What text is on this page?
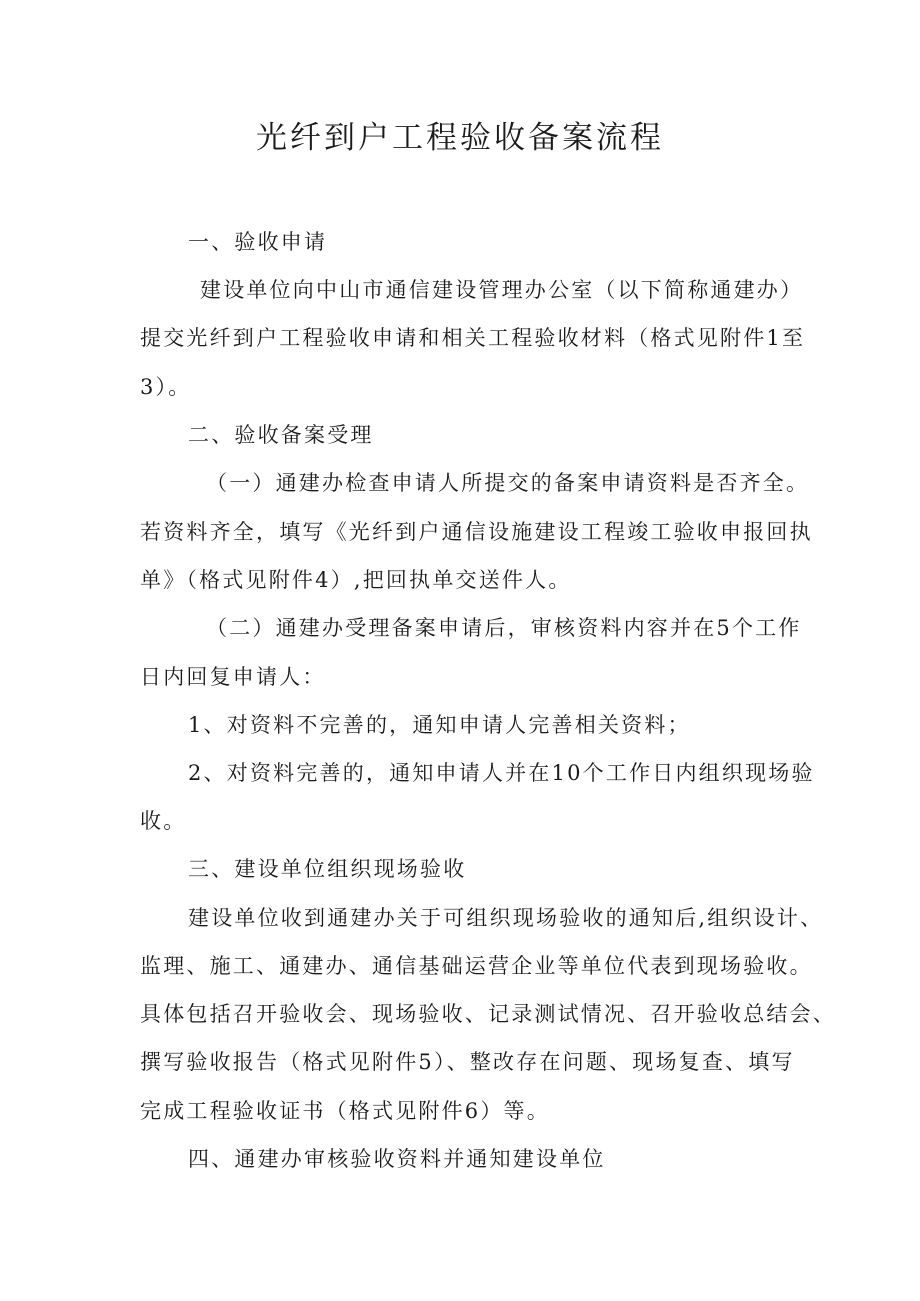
光纤到户工程验收备案流程

一、验收申请

建设单位向中山市通信建设管理办公室（以下简称通建办）

提交光纤到户工程验收申请和相关工程验收材料（格式见附件1至

3）。

二、验收备案受理

（一）通建办检查申请人所提交的备案申请资料是否齐全。

若资料齐全，填写《光纤到户通信设施建设工程竣工验收申报回执

单》（格式见附件4）,把回执单交送件人。

（二）通建办受理备案申请后，审核资料内容并在5个工作

日内回复申请人：

1、对资料不完善的，通知申请人完善相关资料；

2、对资料完善的，通知申请人并在10个工作日内组织现场验

收。

三、建设单位组织现场验收

建设单位收到通建办关于可组织现场验收的通知后,组织设计、

监理、施工、通建办、通信基础运营企业等单位代表到现场验收。

具体包括召开验收会、现场验收、记录测试情况、召开验收总结会、

撰写验收报告（格式见附件5）、整改存在问题、现场复查、填写

完成工程验收证书（格式见附件6）等。

四、通建办审核验收资料并通知建设单位
